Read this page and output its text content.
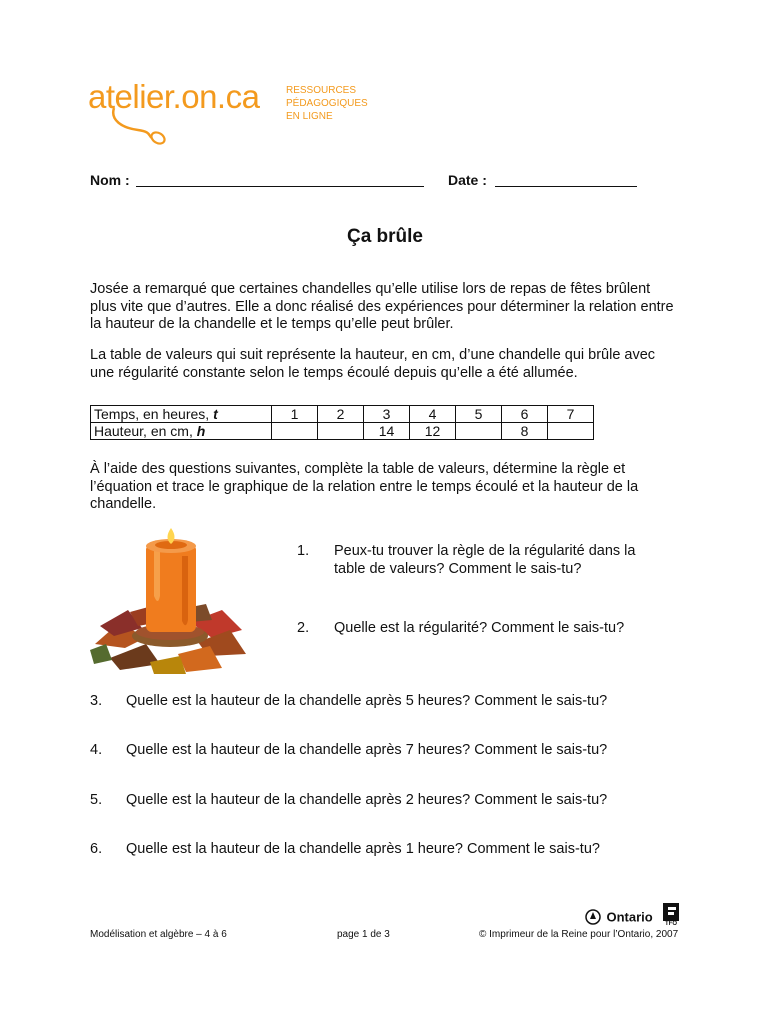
atelier.on.ca	RESSOURCES
PÉDAGOGIQUES
EN LIGNE
Nom :	Date :
Ça brûle
Josée a remarqué que certaines chandelles qu’elle utilise lors de repas de fêtes brûlent plus vite que d’autres. Elle a donc réalisé des expériences pour déterminer la relation entre la hauteur de la chandelle et le temps qu’elle peut brûler.
La table de valeurs qui suit représente la hauteur, en cm, d’une chandelle qui brûle avec une régularité constante selon le temps écoulé depuis qu’elle a été allumée.
Temps, en heures, t	1	2	3	4	5	6	7
Hauteur, en cm, h			14	12		8	
À l’aide des questions suivantes, complète la table de valeurs, détermine la règle et l’équation et trace le graphique de la relation entre le temps écoulé et la hauteur de la chandelle.
1.	Peux-tu trouver la règle de la régularité dans la table de valeurs? Comment le sais-tu?
2.	Quelle est la régularité? Comment le sais-tu?
3. Quelle est la hauteur de la chandelle après 5 heures? Comment le sais-tu?
4. Quelle est la hauteur de la chandelle après 7 heures? Comment le sais-tu?
5. Quelle est la hauteur de la chandelle après 2 heures? Comment le sais-tu?
6. Quelle est la hauteur de la chandelle après 1 heure? Comment le sais-tu?
Ontario	TFO
Modélisation et algèbre – 4 à 6	page 1 de 3	© Imprimeur de la Reine pour l’Ontario, 2007
